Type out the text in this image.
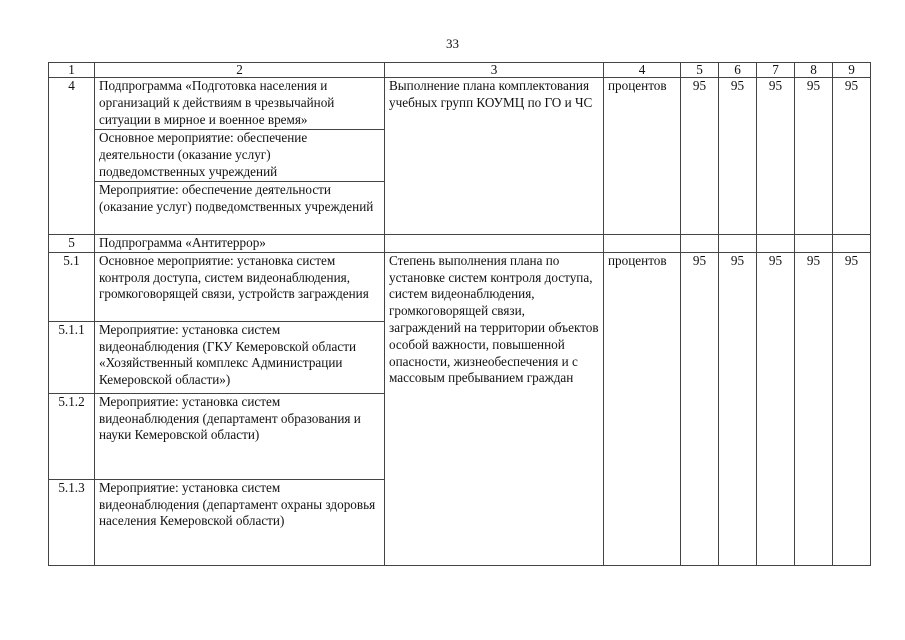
33
1	2	3	4	5	6	7	8	9
4	Подпрограмма «Подготовка населения и организаций к действиям в чрезвычайной ситуации в мирное и военное время»	Выполнение плана комплектования учебных групп КОУМЦ по ГО и ЧС	процентов	95	95	95	95	95
	Основное мероприятие: обеспечение деятельности (оказание услуг) подведомственных учреждений							
	Мероприятие: обеспечение деятельности (оказание услуг) подведомственных учреждений							
5	Подпрограмма «Антитеррор»							
5.1	Основное мероприятие: установка систем контроля доступа, систем видеонаблюдения, громкоговорящей связи, устройств заграждения	Степень выполнения плана по установке систем контроля доступа, систем видеонаблюдения, громкоговорящей связи, заграждений на территории объектов особой важности, повышенной опасности, жизнеобеспечения и с массовым пребыванием граждан	процентов	95	95	95	95	95
5.1.1	Мероприятие: установка систем видеонаблюдения (ГКУ Кемеровской области «Хозяйственный комплекс Администрации Кемеровской области»)							
5.1.2	Мероприятие: установка систем видеонаблюдения (департамент образования и науки Кемеровской области)							
5.1.3	Мероприятие: установка систем видеонаблюдения (департамент охраны здоровья населения Кемеровской области)							
